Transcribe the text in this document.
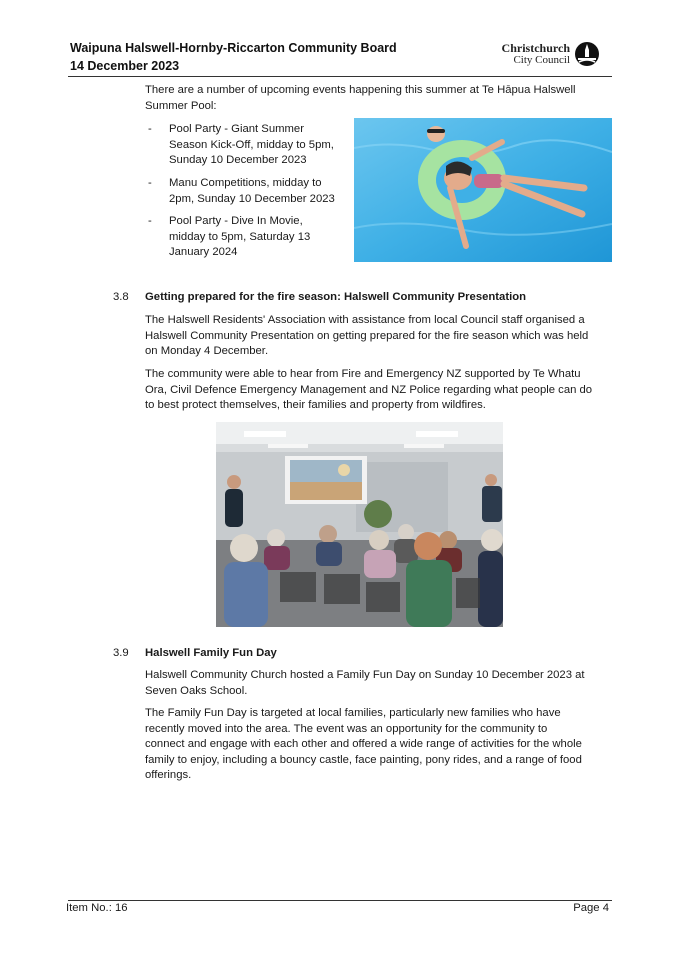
Waipuna Halswell-Hornby-Riccarton Community Board
14 December 2023
Christchurch
City Council
There are a number of upcoming events happening this summer at Te Hāpua Halswell Summer Pool:
- Pool Party - Giant Summer
Season Kick-Off, midday to 5pm,
Sunday 10 December 2023
- Manu Competitions, midday to
2pm, Sunday 10 December 2023
- Pool Party - Dive In Movie,
midday to 5pm, Saturday 13
January 2024
3.8 Getting prepared for the fire season: Halswell Community Presentation
The Halswell Residents' Association with assistance from local Council staff organised a
Halswell Community Presentation on getting prepared for the fire season which was held
on Monday 4 December.
The community were able to hear from Fire and Emergency NZ supported by Te Whatu
Ora, Civil Defence Emergency Management and NZ Police regarding what people can do
to best protect themselves, their families and property from wildfires.
3.9 Halswell Family Fun Day
Halswell Community Church hosted a Family Fun Day on Sunday 10 December 2023 at
Seven Oaks School.
The Family Fun Day is targeted at local families, particularly new families who have
recently moved into the area. The event was an opportunity for the community to
connect and engage with each other and offered a wide range of activities for the whole
family to enjoy, including a bouncy castle, face painting, pony rides, and a range of food
offerings.
Item No.: 16	Page 4
